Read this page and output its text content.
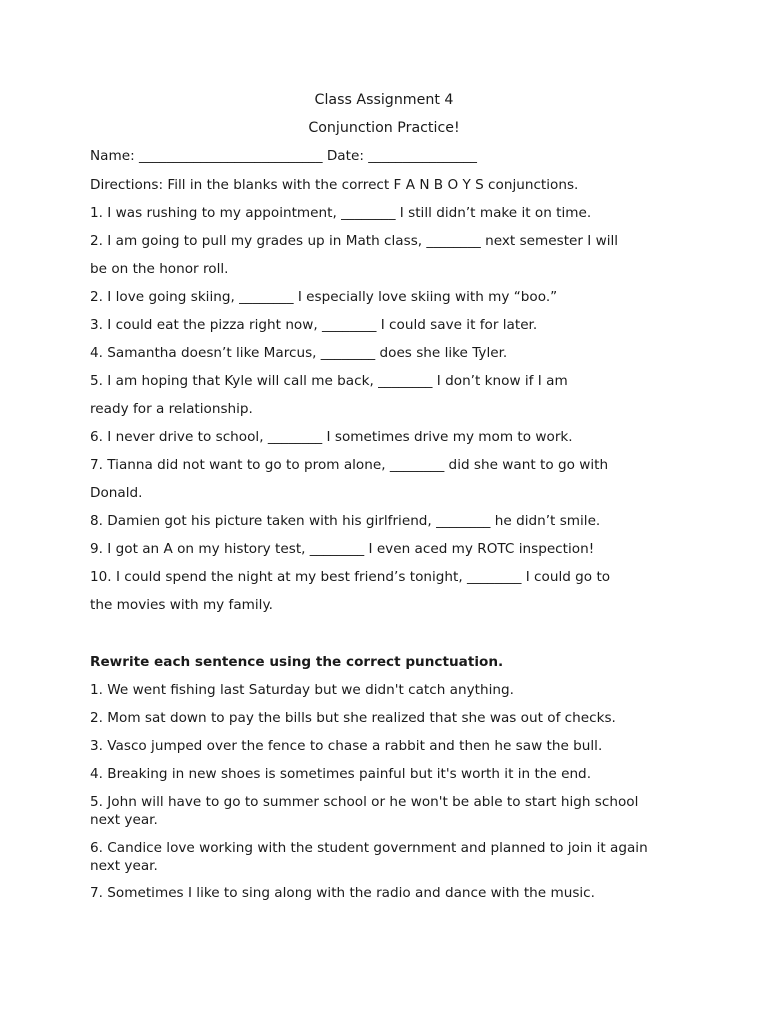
Class Assignment 4
Conjunction Practice!
Name: ___________________________ Date: ________________
Directions: Fill in the blanks with the correct F A N B O Y S conjunctions.
1. I was rushing to my appointment, ________ I still didn’t make it on time.
2. I am going to pull my grades up in Math class, ________ next semester I will
be on the honor roll.
2. I love going skiing, ________ I especially love skiing with my “boo.”
3. I could eat the pizza right now, ________ I could save it for later.
4. Samantha doesn’t like Marcus, ________ does she like Tyler.
5. I am hoping that Kyle will call me back, ________ I don’t know if I am
ready for a relationship.
6. I never drive to school, ________ I sometimes drive my mom to work.
7. Tianna did not want to go to prom alone, ________ did she want to go with
Donald.
8. Damien got his picture taken with his girlfriend, ________ he didn’t smile.
9. I got an A on my history test, ________ I even aced my ROTC inspection!
10. I could spend the night at my best friend’s tonight, ________ I could go to
the movies with my family.
Rewrite each sentence using the correct punctuation.
1. We went fishing last Saturday but we didn't catch anything.
2. Mom sat down to pay the bills but she realized that she was out of checks.
3. Vasco jumped over the fence to chase a rabbit and then he saw the bull.
4. Breaking in new shoes is sometimes painful but it's worth it in the end.
5. John will have to go to summer school or he won't be able to start high school
next year.
6. Candice love working with the student government and planned to join it again
next year.
7. Sometimes I like to sing along with the radio and dance with the music.
